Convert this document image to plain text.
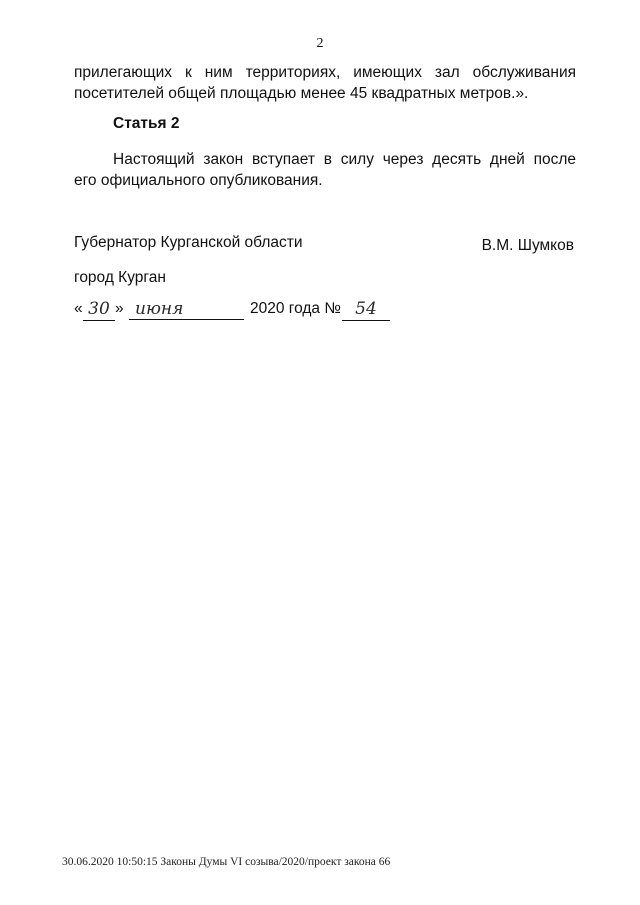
2
прилегающих к ним территориях, имеющих зал обслуживания
посетителей общей площадью менее 45 квадратных метров.».
Статья 2
Настоящий закон вступает в силу через десять дней после
его официального опубликования.
Губернатор Курганской области	В.М. Шумков
город Курган
« 30 » июня	2020 года № 54
30.06.2020 10:50:15 Законы Думы VI созыва/2020/проект закона 66
